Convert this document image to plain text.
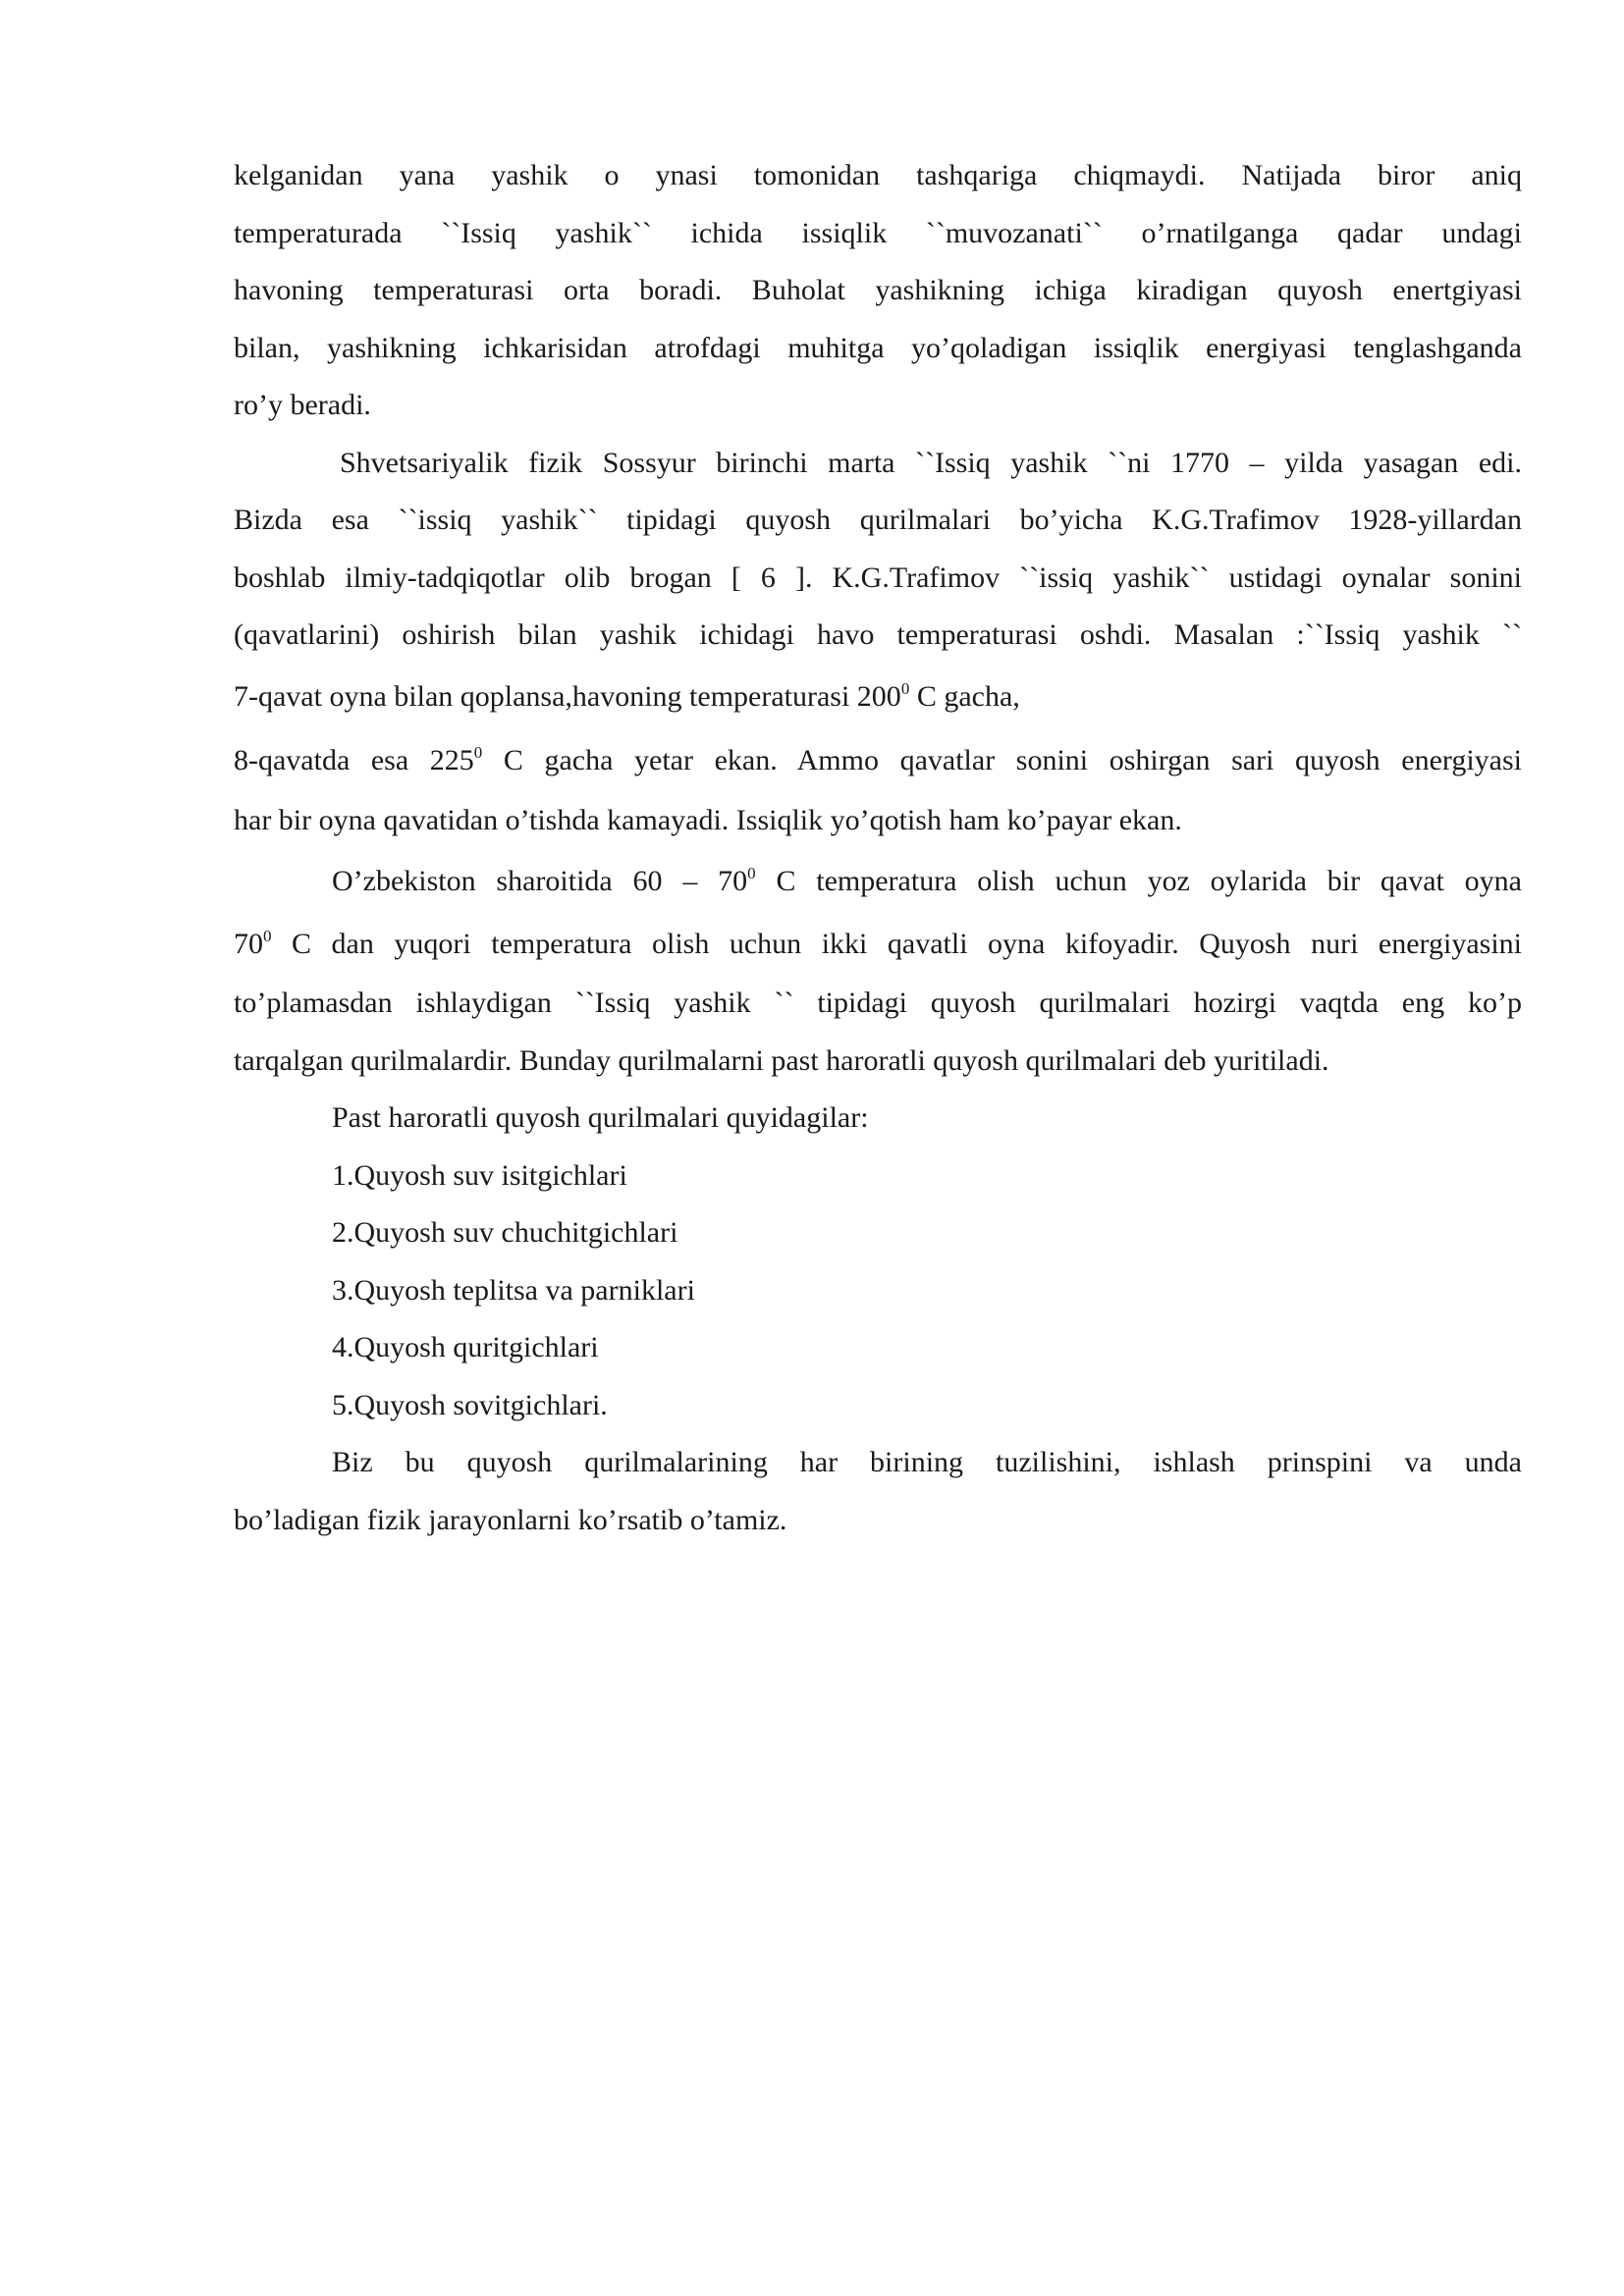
kelganidan yana yashik o ynasi tomonidan tashqariga chiqmaydi. Natijada biror aniq
temperaturada ``Issiq yashik`` ichida issiqlik ``muvozanati`` o’rnatilganga qadar undagi
havoning temperaturasi orta boradi. Buholat yashikning ichiga kiradigan quyosh enertgiyasi
bilan, yashikning ichkarisidan atrofdagi muhitga yo’qoladigan issiqlik energiyasi tenglashganda
ro’y beradi.
Shvetsariyalik fizik Sossyur birinchi marta ``Issiq yashik ``ni 1770 – yilda yasagan edi.
Bizda esa ``issiq yashik`` tipidagi quyosh qurilmalari bo’yicha K.G.Trafimov 1928-yillardan
boshlab ilmiy-tadqiqotlar olib brogan [ 6 ]. K.G.Trafimov ``issiq yashik`` ustidagi oynalar sonini
(qavatlarini) oshirish bilan yashik ichidagi havo temperaturasi oshdi. Masalan :``Issiq yashik ``
7-qavat oyna bilan qoplansa,havoning temperaturasi $200^0$ C gacha,
8-qavatda esa $225^0$ C gacha yetar ekan. Ammo qavatlar sonini oshirgan sari quyosh energiyasi
har bir oyna qavatidan o’tishda kamayadi. Issiqlik yo’qotish ham ko’payar ekan.
O’zbekiston sharoitida $60 - 70^0$ C temperatura olish uchun yoz oylarida bir qavat oyna
$70^0$ C dan yuqori temperatura olish uchun ikki qavatli oyna kifoyadir. Quyosh nuri energiyasini
to’plamasdan ishlaydigan ``Issiq yashik `` tipidagi quyosh qurilmalari hozirgi vaqtda eng ko’p
tarqalgan qurilmalardir. Bunday qurilmalarni past haroratli quyosh qurilmalari deb yuritiladi.
Past haroratli quyosh qurilmalari quyidagilar:
1.Quyosh suv isitgichlari
2.Quyosh suv chuchitgichlari
3.Quyosh teplitsa va parniklari
4.Quyosh quritgichlari
5.Quyosh sovitgichlari.
Biz bu quyosh qurilmalarining har birining tuzilishini, ishlash prinspini va unda
bo’ladigan fizik jarayonlarni ko’rsatib o’tamiz.
